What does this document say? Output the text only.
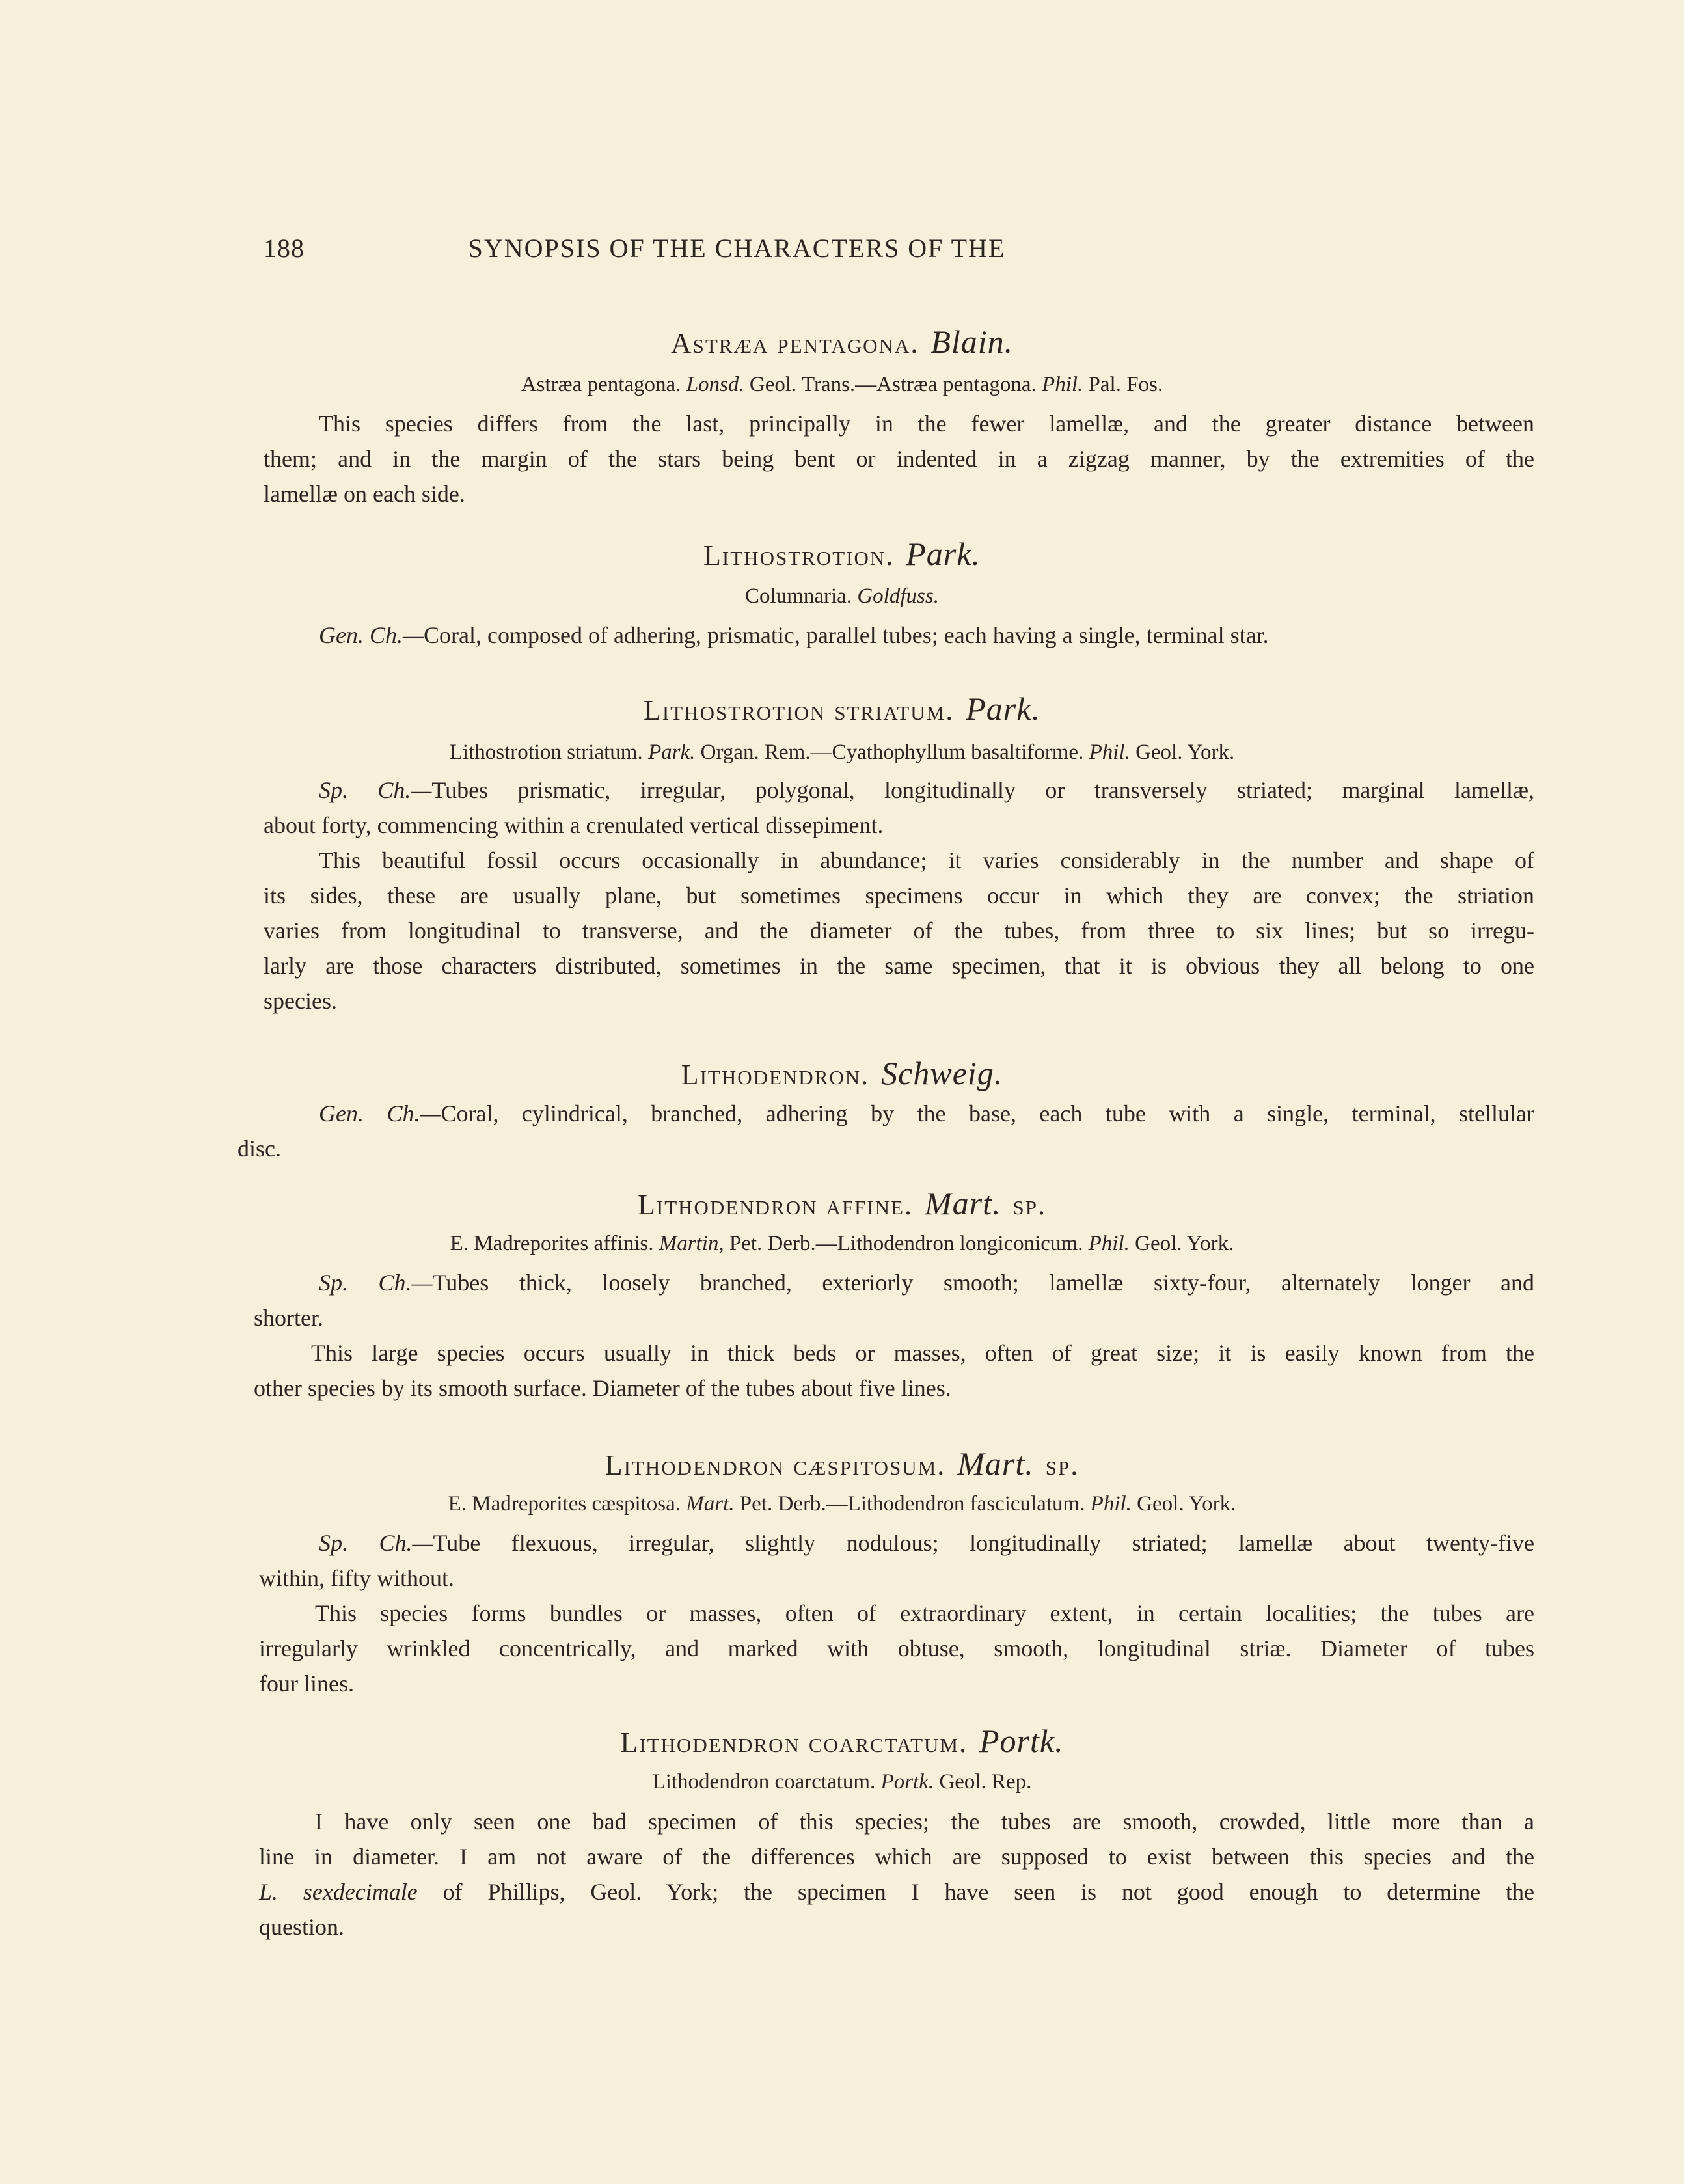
188	SYNOPSIS OF THE CHARACTERS OF THE
Astræa pentagona. Blain.
Astræa pentagona. Lonsd. Geol. Trans.—Astræa pentagona. Phil. Pal. Fos.
This species differs from the last, principally in the fewer lamellæ, and the greater distance between
them; and in the margin of the stars being bent or indented in a zigzag manner, by the extremities of the
lamellæ on each side.
Lithostrotion. Park.
Columnaria. Goldfuss.
Gen. Ch.—Coral, composed of adhering, prismatic, parallel tubes; each having a single, terminal star.
Lithostrotion striatum. Park.
Lithostrotion striatum. Park. Organ. Rem.—Cyathophyllum basaltiforme. Phil. Geol. York.
Sp. Ch.—Tubes prismatic, irregular, polygonal, longitudinally or transversely striated; marginal lamellæ,
about forty, commencing within a crenulated vertical dissepiment.
This beautiful fossil occurs occasionally in abundance; it varies considerably in the number and shape of
its sides, these are usually plane, but sometimes specimens occur in which they are convex; the striation
varies from longitudinal to transverse, and the diameter of the tubes, from three to six lines; but so irregu-
larly are those characters distributed, sometimes in the same specimen, that it is obvious they all belong to one
species.
Lithodendron. Schweig.
Gen. Ch.—Coral, cylindrical, branched, adhering by the base, each tube with a single, terminal, stellular
disc.
Lithodendron affine. Mart. sp.
E. Madreporites affinis. Martin, Pet. Derb.—Lithodendron longiconicum. Phil. Geol. York.
Sp. Ch.—Tubes thick, loosely branched, exteriorly smooth; lamellæ sixty-four, alternately longer and
shorter.
This large species occurs usually in thick beds or masses, often of great size; it is easily known from the
other species by its smooth surface. Diameter of the tubes about five lines.
Lithodendron cæspitosum. Mart. sp.
E. Madreporites cæspitosa. Mart. Pet. Derb.—Lithodendron fasciculatum. Phil. Geol. York.
Sp. Ch.—Tube flexuous, irregular, slightly nodulous; longitudinally striated; lamellæ about twenty-five
within, fifty without.
This species forms bundles or masses, often of extraordinary extent, in certain localities; the tubes are
irregularly wrinkled concentrically, and marked with obtuse, smooth, longitudinal striæ. Diameter of tubes
four lines.
Lithodendron coarctatum. Portk.
Lithodendron coarctatum. Portk. Geol. Rep.
I have only seen one bad specimen of this species; the tubes are smooth, crowded, little more than a
line in diameter. I am not aware of the differences which are supposed to exist between this species and the
L. sexdecimale of Phillips, Geol. York; the specimen I have seen is not good enough to determine the
question.
